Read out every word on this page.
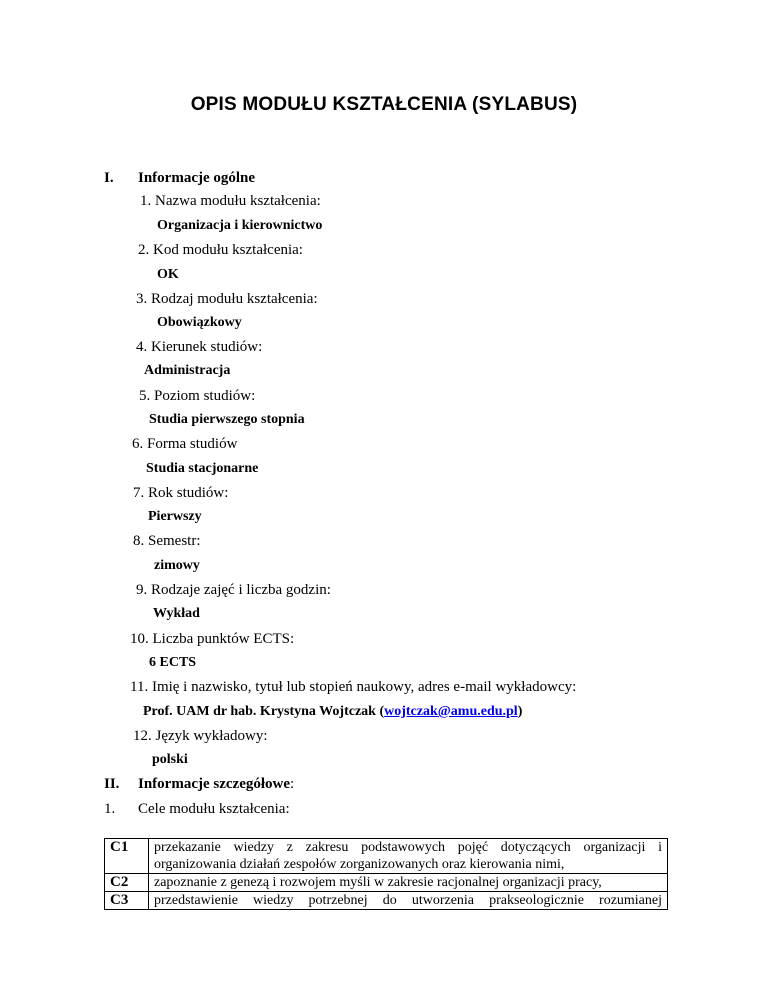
OPIS MODUŁU KSZTAŁCENIA (SYLABUS)
I. Informacje ogólne
1. Nazwa modułu kształcenia:
Organizacja i kierownictwo
2. Kod modułu kształcenia:
OK
3. Rodzaj modułu kształcenia:
Obowiązkowy
4. Kierunek studiów:
Administracja
5. Poziom studiów:
Studia pierwszego stopnia
6. Forma studiów
Studia stacjonarne
7. Rok studiów:
Pierwszy
8. Semestr:
zimowy
9. Rodzaje zajęć i liczba godzin:
Wykład
10. Liczba punktów ECTS:
6 ECTS
11. Imię i nazwisko, tytuł lub stopień naukowy, adres e-mail wykładowcy:
Prof. UAM dr hab. Krystyna Wojtczak (wojtczak@amu.edu.pl)
12. Język wykładowy:
polski
II. Informacje szczegółowe:
1. Cele modułu kształcenia:
C1	przekazanie wiedzy z zakresu podstawowych pojęć dotyczących organizacji i
organizowania działań zespołów zorganizowanych oraz kierowania nimi,

C2	zapoznanie z genezą i rozwojem myśli w zakresie racjonalnej organizacji pracy,
C3	przedstawienie wiedzy potrzebnej do utworzenia prakseologicznie rozumianej
